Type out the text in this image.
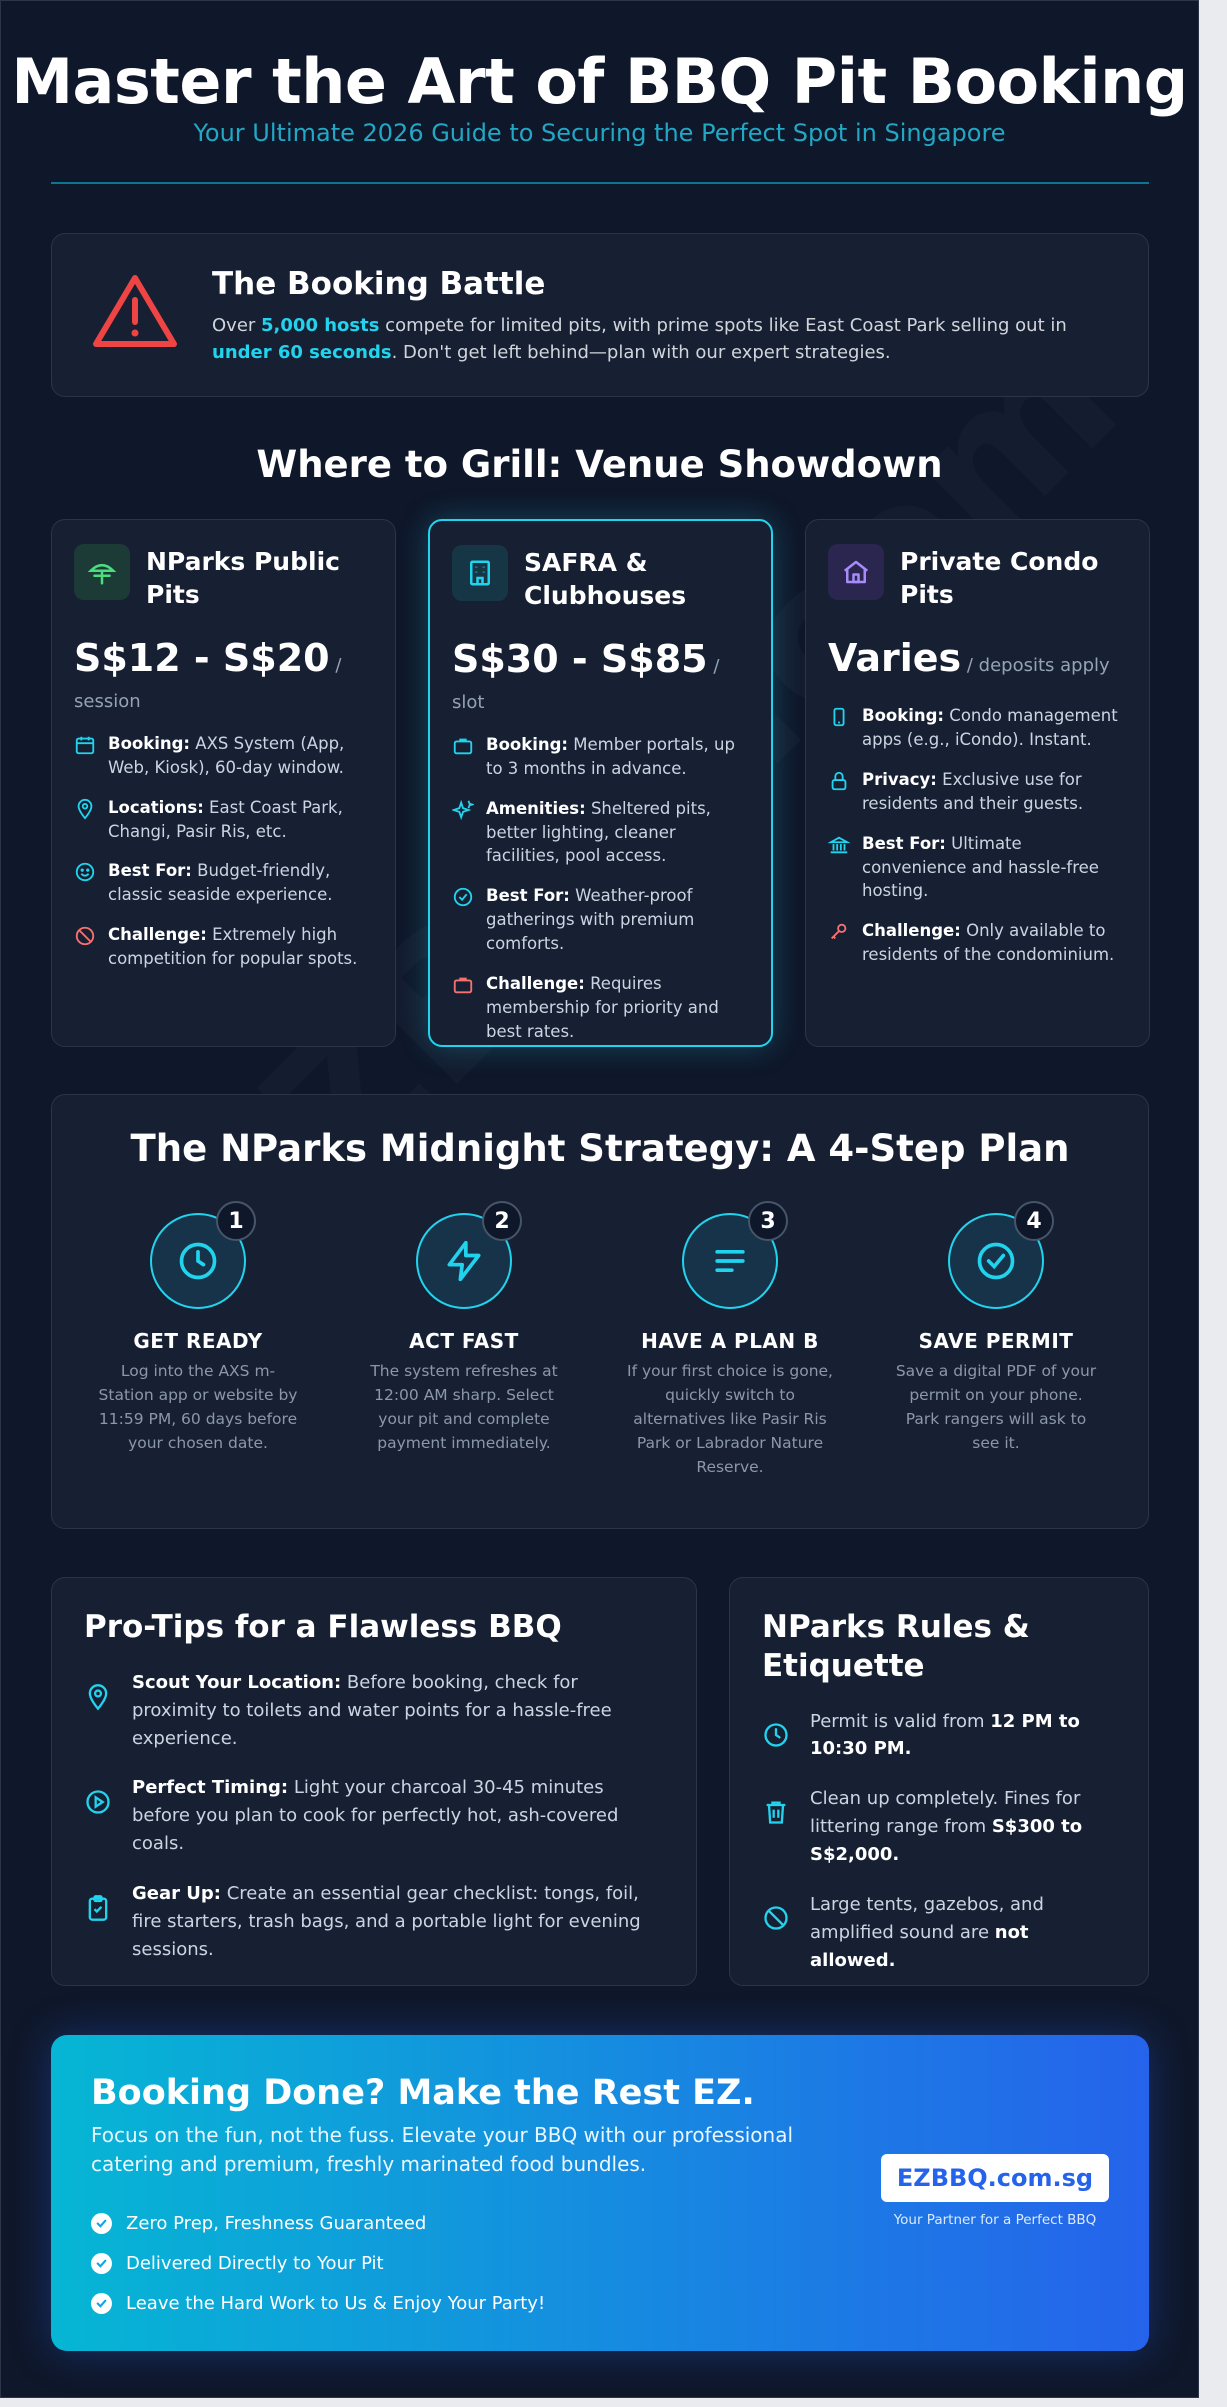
Master the Art of BBQ Pit Booking
Your Ultimate 2026 Guide to Securing the Perfect Spot in Singapore
The Booking Battle

Over 5,000 hosts compete for limited pits, with prime spots like East Coast Park selling out in under 60 seconds. Don't get left behind—plan with our expert strategies.

Where to Grill: Venue Showdown
NParks Public Pits
S$12 - S$20 / session
Booking: AXS System (App, Web, Kiosk), 60-day window.
Locations: East Coast Park, Changi, Pasir Ris, etc.
Best For: Budget-friendly, classic seaside experience.
Challenge: Extremely high competition for popular spots.
SAFRA & Clubhouses
S$30 - S$85 / slot
Booking: Member portals, up to 3 months in advance.
Amenities: Sheltered pits, better lighting, cleaner facilities, pool access.
Best For: Weather-proof gatherings with premium comforts.
Challenge: Requires membership for priority and best rates.
Private Condo Pits
Varies / deposits apply
Booking: Condo management apps (e.g., iCondo). Instant.
Privacy: Exclusive use for residents and their guests.
Best For: Ultimate convenience and hassle-free hosting.
Challenge: Only available to residents of the condominium.
The NParks Midnight Strategy: A 4-Step Plan
1
GET READY

Log into the AXS m-Station app or website by 11:59 PM, 60 days before your chosen date.

2
ACT FAST

The system refreshes at 12:00 AM sharp. Select your pit and complete payment immediately.

3
HAVE A PLAN B

If your first choice is gone, quickly switch to alternatives like Pasir Ris Park or Labrador Nature Reserve.

4
SAVE PERMIT

Save a digital PDF of your permit on your phone. Park rangers will ask to see it.

Pro-Tips for a Flawless BBQ
Scout Your Location: Before booking, check for proximity to toilets and water points for a hassle-free experience.
Perfect Timing: Light your charcoal 30-45 minutes before you plan to cook for perfectly hot, ash-covered coals.
Gear Up: Create an essential gear checklist: tongs, foil, fire starters, trash bags, and a portable light for evening sessions.
NParks Rules & Etiquette
Permit is valid from 12 PM to 10:30 PM.
Clean up completely. Fines for littering range from S$300 to S$2,000.
Large tents, gazebos, and amplified sound are not allowed.
Booking Done? Make the Rest EZ.
Focus on the fun, not the fuss. Elevate your BBQ with our professional catering and premium, freshly marinated food bundles.
Zero Prep, Freshness Guaranteed
Delivered Directly to Your Pit
Leave the Hard Work to Us & Enjoy Your Party!
EZBBQ.com.sg
Your Partner for a Perfect BBQ
